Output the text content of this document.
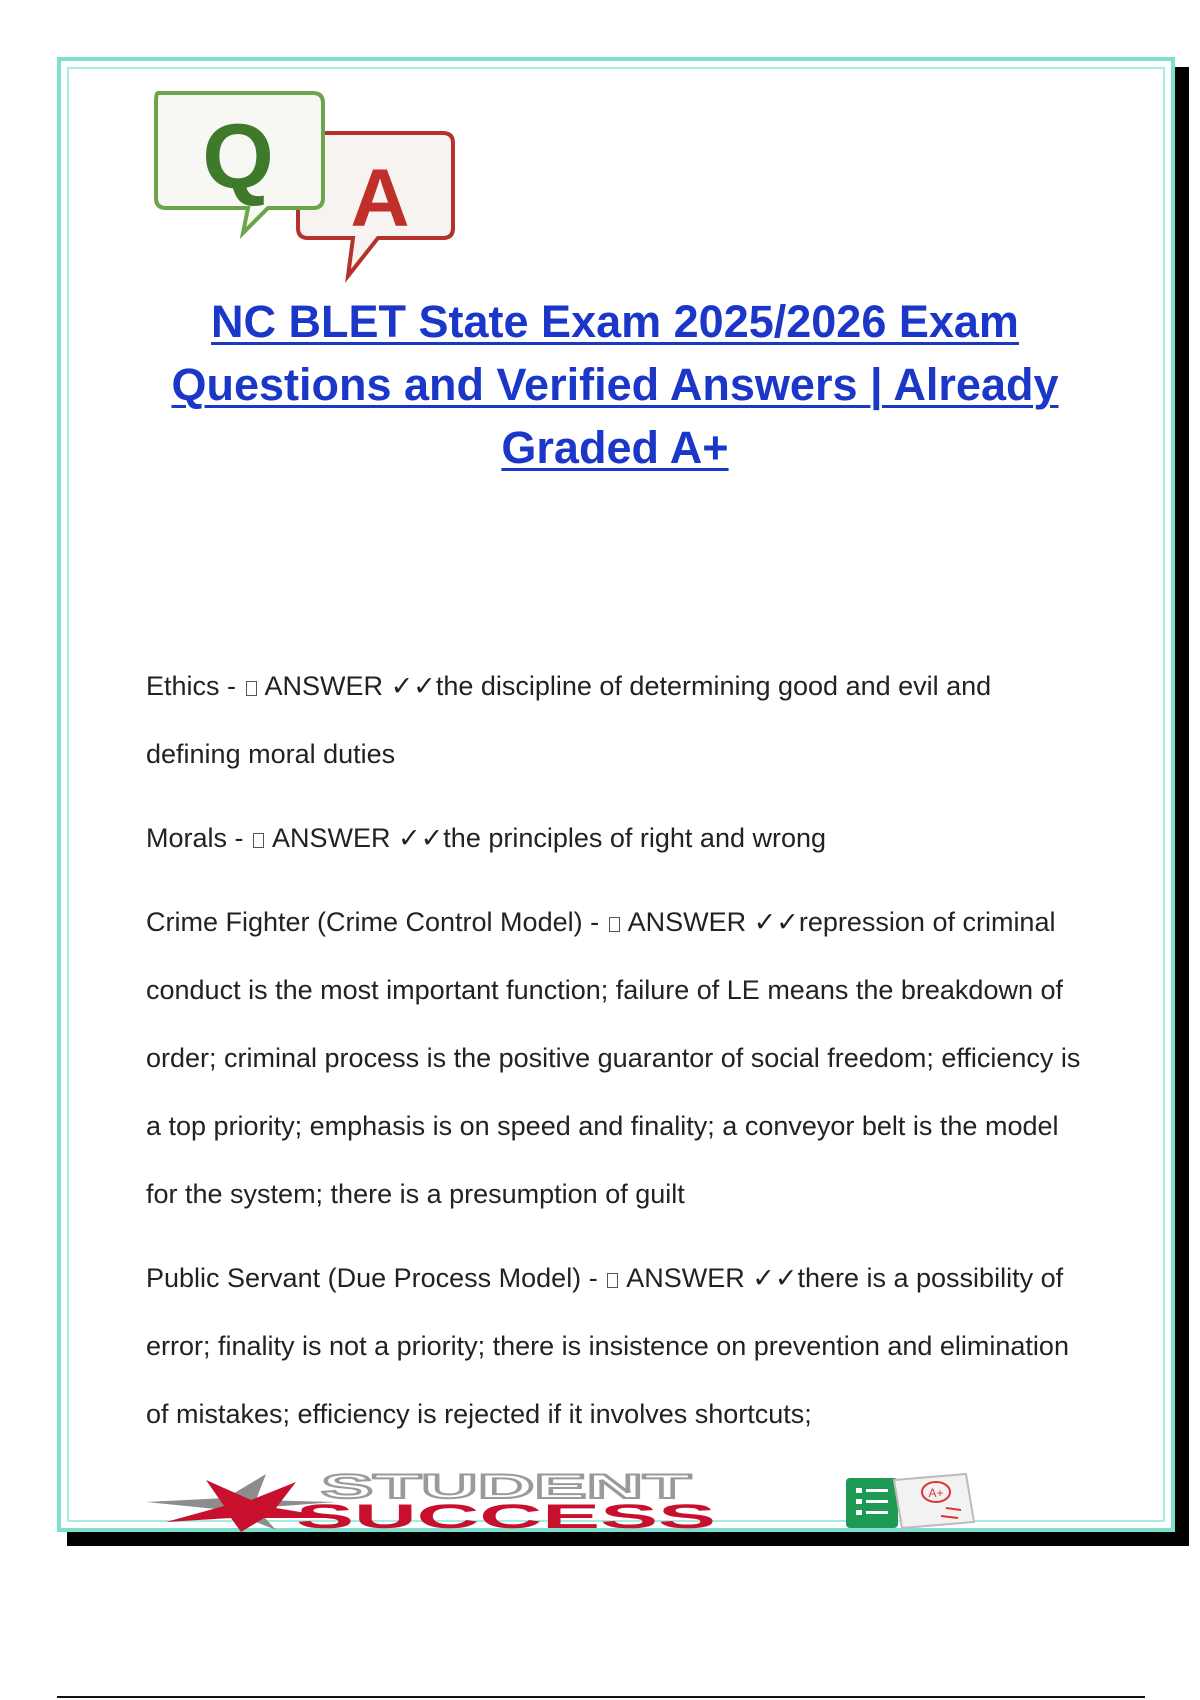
A
Q
NC BLET State Exam 2025/2026 Exam Questions and Verified Answers | Already Graded A+

Ethics -  ANSWER ✓✓the discipline of determining good and evil and defining moral duties

Morals -  ANSWER ✓✓the principles of right and wrong

Crime Fighter (Crime Control Model) -  ANSWER ✓✓repression of criminal conduct is the most important function; failure of LE means the breakdown of order; criminal process is the positive guarantor of social freedom; efficiency is a top priority; emphasis is on speed and finality; a conveyor belt is the model for the system; there is a presumption of guilt

Public Servant (Due Process Model) -  ANSWER ✓✓there is a possibility of error; finality is not a priority; there is insistence on prevention and elimination of mistakes; efficiency is rejected if it involves shortcuts;

STUDENT
SUCCESS
A+
